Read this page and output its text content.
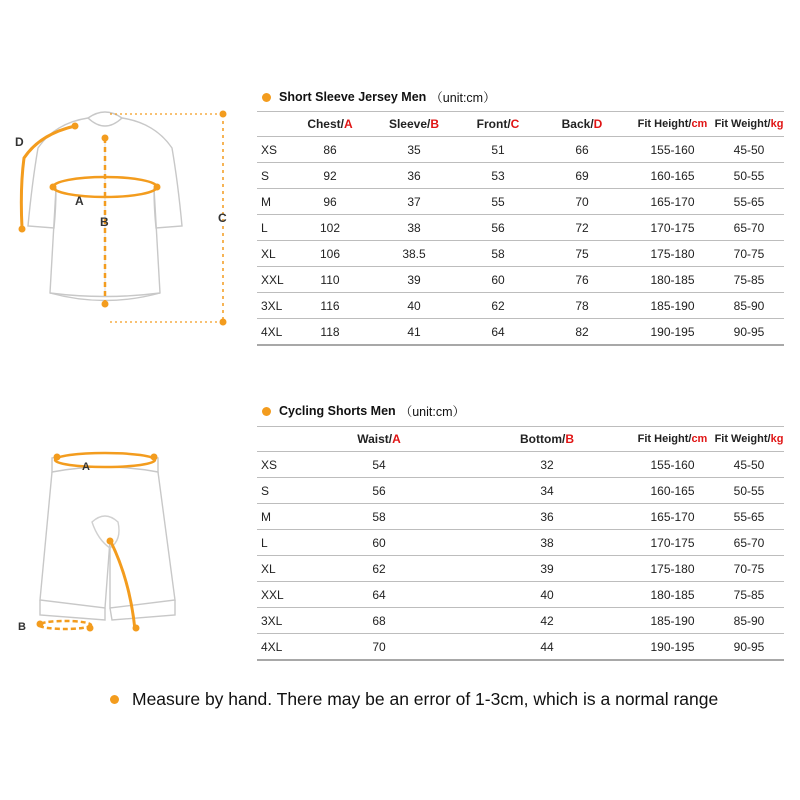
Short Sleeve Jersey Men （unit:cm）
	Chest/A	Sleeve/B	Front/C	Back/D	Fit Height/cm	Fit Weight/kg
XS	86	35	51	66	155-160	45-50
S	92	36	53	69	160-165	50-55
M	96	37	55	70	165-170	55-65
L	102	38	56	72	170-175	65-70
XL	106	38.5	58	75	175-180	70-75
XXL	110	39	60	76	180-185	75-85
3XL	116	40	62	78	185-190	85-90
4XL	118	41	64	82	190-195	90-95
D
A
B	C
Cycling Shorts Men （unit:cm）
	Waist/A	Bottom/B	Fit Height/cm	Fit Weight/kg
XS	54	32	155-160	45-50
S	56	34	160-165	50-55
M	58	36	165-170	55-65
L	60	38	170-175	65-70
XL	62	39	175-180	70-75
XXL	64	40	180-185	75-85
3XL	68	42	185-190	85-90
4XL	70	44	190-195	90-95
A
B
Measure by hand. There may be an error of 1-3cm, which is a normal range
